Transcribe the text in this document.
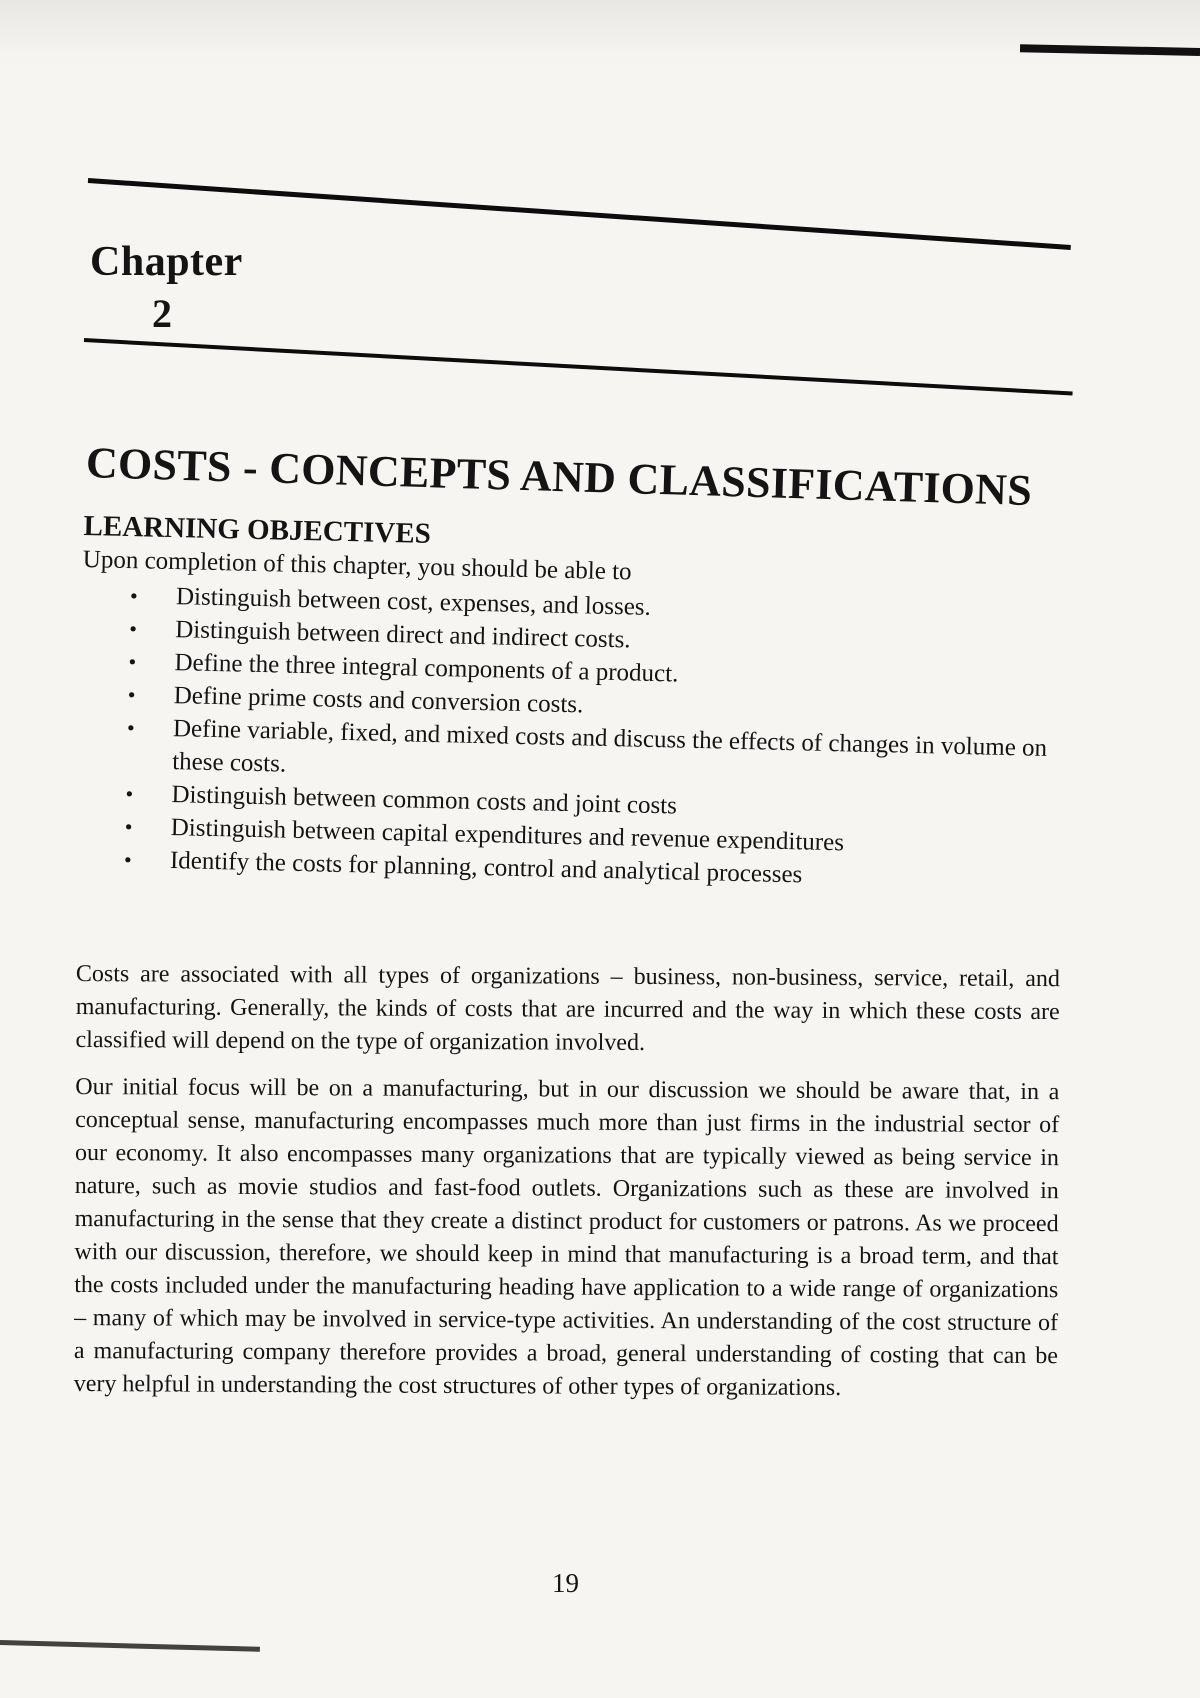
Chapter
2
COSTS - CONCEPTS AND CLASSIFICATIONS
LEARNING OBJECTIVES

Upon completion of this chapter, you should be able to

• Distinguish between cost, expenses, and losses.
• Distinguish between direct and indirect costs.
• Define the three integral components of a product.
• Define prime costs and conversion costs.
• Define variable, fixed, and mixed costs and discuss the effects of changes in volume on these costs.
• Distinguish between common costs and joint costs
• Distinguish between capital expenditures and revenue expenditures
• Identify the costs for planning, control and analytical processes

Costs are associated with all types of organizations – business, non-business, service, retail, and manufacturing. Generally, the kinds of costs that are incurred and the way in which these costs are classified will depend on the type of organization involved.

Our initial focus will be on a manufacturing, but in our discussion we should be aware that, in a conceptual sense, manufacturing encompasses much more than just firms in the industrial sector of our economy. It also encompasses many organizations that are typically viewed as being service in nature, such as movie studios and fast-food outlets. Organizations such as these are involved in manufacturing in the sense that they create a distinct product for customers or patrons. As we proceed with our discussion, therefore, we should keep in mind that manufacturing is a broad term, and that the costs included under the manufacturing heading have application to a wide range of organizations – many of which may be involved in service-type activities. An understanding of the cost structure of a manufacturing company therefore provides a broad, general understanding of costing that can be very helpful in understanding the cost structures of other types of organizations.

19
